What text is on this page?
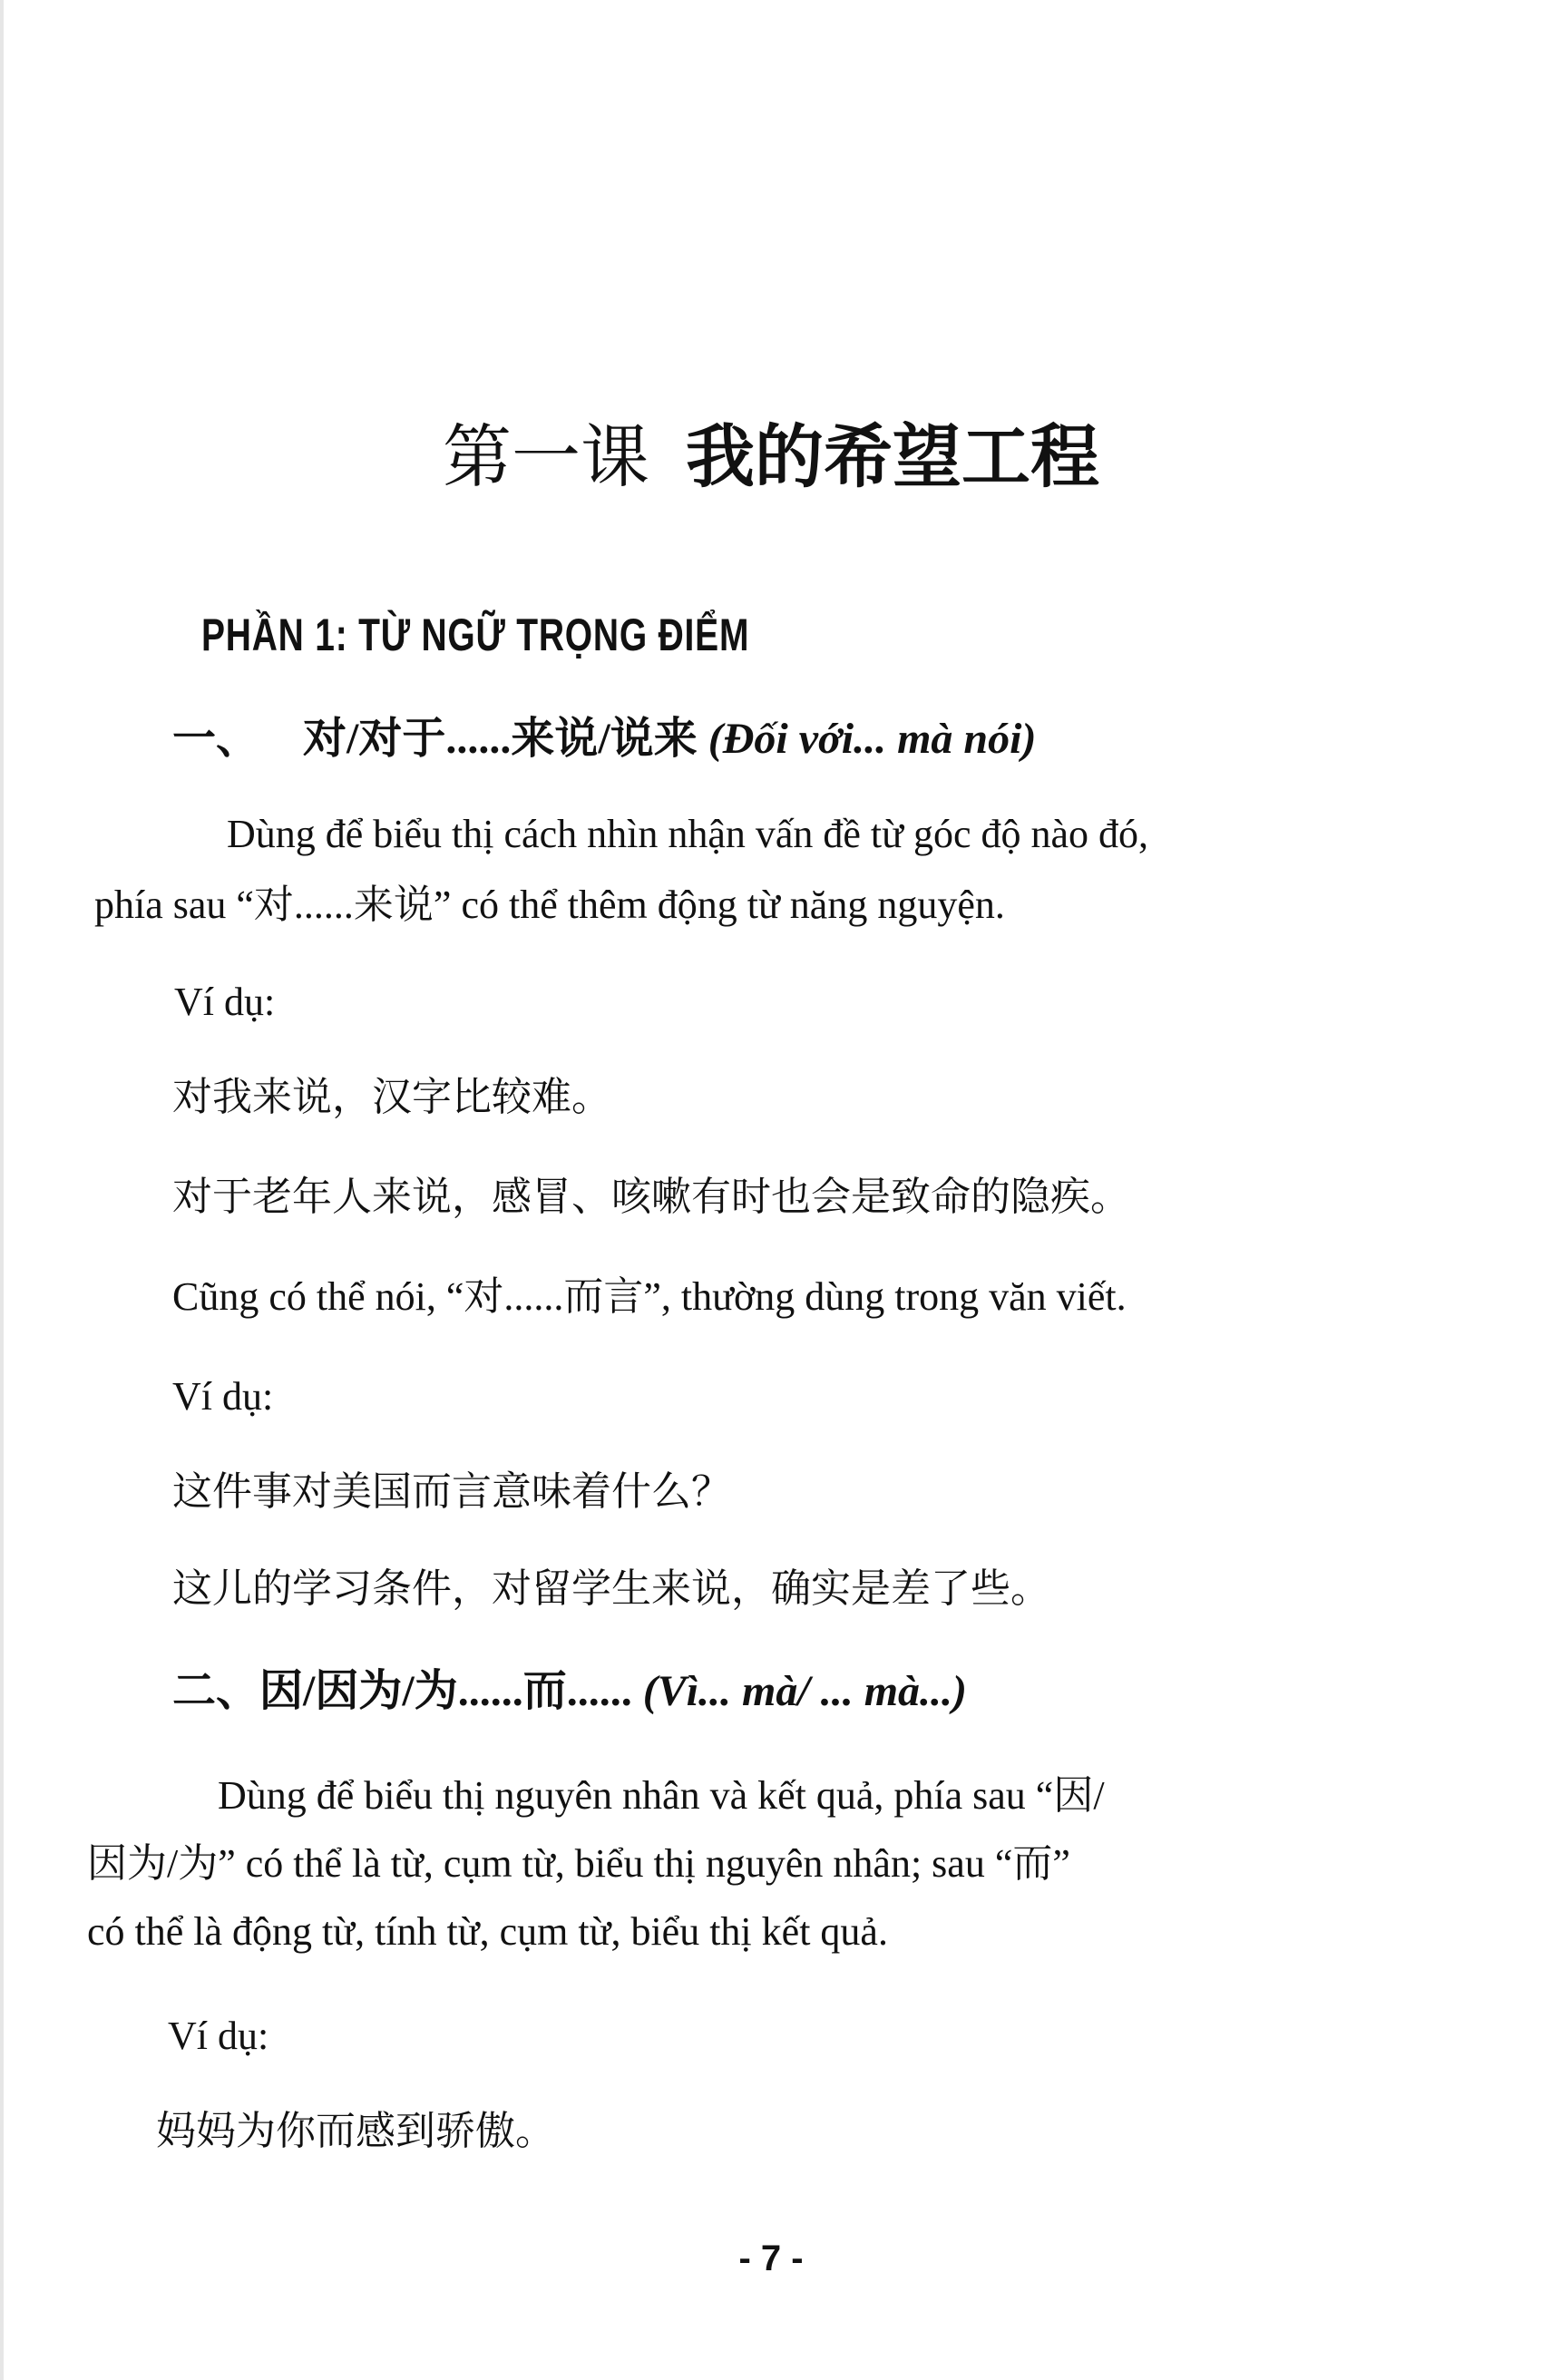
第一课 我的希望工程
PHẦN 1: TỪ NGỮ TRỌNG ĐIỂM
一、 对/对于......来说/说来 (Đối với... mà nói)
Dùng để biểu thị cách nhìn nhận vấn đề từ góc độ nào đó,
phía sau “对......来说” có thể thêm động từ năng nguyện.
Ví dụ:
对我来说，汉字比较难。
对于老年人来说，感冒、咳嗽有时也会是致命的隐疾。
Cũng có thể nói, “对......而言”, thường dùng trong văn viết.
Ví dụ:
这件事对美国而言意味着什么？
这儿的学习条件，对留学生来说，确实是差了些。
二、因/因为/为......而...... (Vì... mà/ ... mà...)
Dùng để biểu thị nguyên nhân và kết quả, phía sau “因/
因为/为” có thể là từ, cụm từ, biểu thị nguyên nhân; sau “而”
có thể là động từ, tính từ, cụm từ, biểu thị kết quả.
Ví dụ:
妈妈为你而感到骄傲。
- 7 -
